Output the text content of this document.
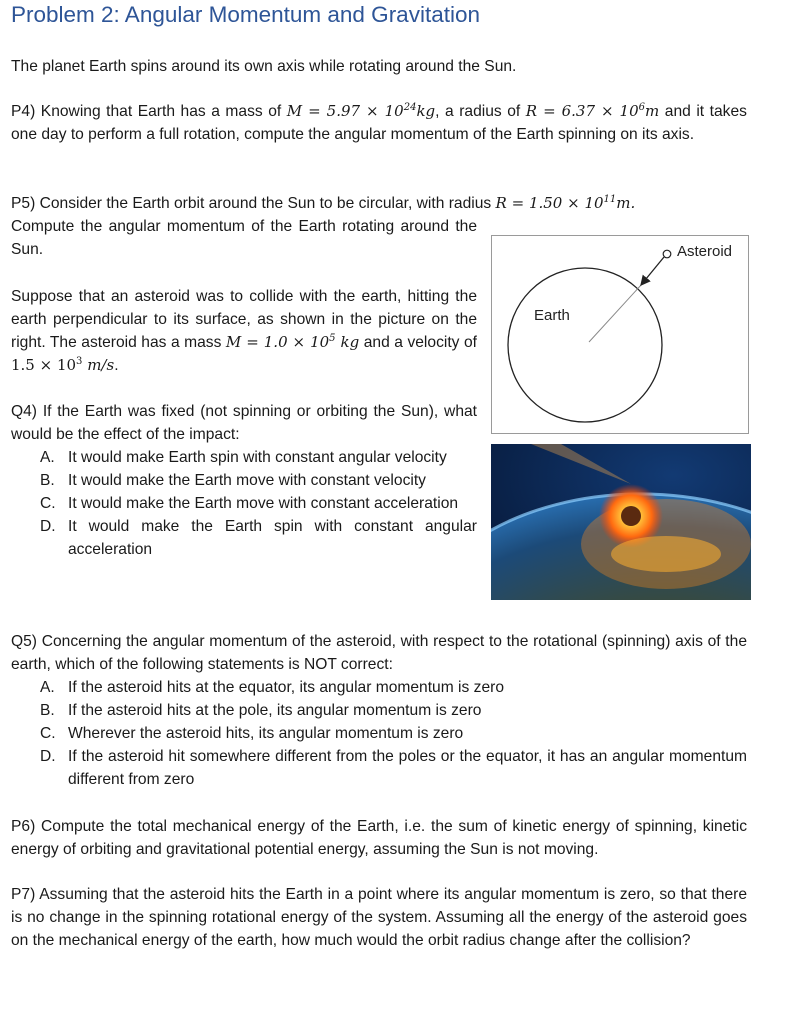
Problem 2: Angular Momentum and Gravitation

The planet Earth spins around its own axis while rotating around the Sun.

P4) Knowing that Earth has a mass of $M = 5.97 \times 10^{24}kg$, a radius of $R = 6.37 \times 10^6m$ and it takes one day to perform a full rotation, compute the angular momentum of the Earth spinning on its axis.

P5) Consider the Earth orbit around the Sun to be circular, with radius $R = 1.50 \times 10^{11}m$.

Compute the angular momentum of the Earth rotating around the Sun.

Suppose that an asteroid was to collide with the earth, hitting the earth perpendicular to its surface, as shown in the picture on the right. The asteroid has a mass $M = 1.0 \times 10^5$ kg and a velocity of $1.5 \times 10^3$ m/s.

Earth
Asteroid

Q4) If the Earth was fixed (not spinning or orbiting the Sun), what would be the effect of the impact:

A. It would make Earth spin with constant angular velocity
B. It would make the Earth move with constant velocity
C. It would make the Earth move with constant acceleration
D. It would make the Earth spin with constant angular acceleration

Q5) Concerning the angular momentum of the asteroid, with respect to the rotational (spinning) axis of the earth, which of the following statements is NOT correct:

A. If the asteroid hits at the equator, its angular momentum is zero
B. If the asteroid hits at the pole, its angular momentum is zero
C. Wherever the asteroid hits, its angular momentum is zero
D. If the asteroid hit somewhere different from the poles or the equator, it has an angular momentum different from zero

P6) Compute the total mechanical energy of the Earth, i.e. the sum of kinetic energy of spinning, kinetic energy of orbiting and gravitational potential energy, assuming the Sun is not moving.

P7) Assuming that the asteroid hits the Earth in a point where its angular momentum is zero, so that there is no change in the spinning rotational energy of the system. Assuming all the energy of the asteroid goes on the mechanical energy of the earth, how much would the orbit radius change after the collision?
